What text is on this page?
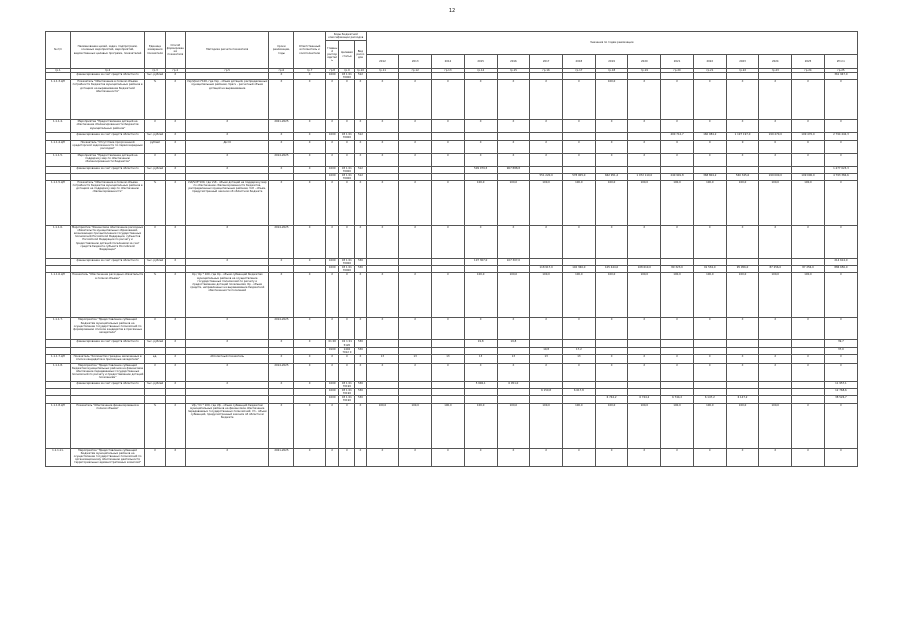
12
№ п/п	Наименование целей, задач, подпрограмм, основных мероприятий, мероприятий, ведомственных целевых программ, показателей	Единица измерения показателя	Способ формирования показателя	Методика расчета показателя	Сроки реализации, годы	Ответственный исполнитель и соисполнители	Коды бюджетной классификации расходов			Значения по годам реализации														
							Главный распорядитель	Целевая статья	Вид расходов															
										2012	2013	2014	2015	2016	2017	2018	2019	2020	2021	2022	2023	2024	2025	Итого
гр.1	гр.2	гр.3	гр.4	гр.5	гр.6	гр.7	гр.8	гр.9	гр.10	гр.11	гр.12	гр.13	гр.14	гр.15	гр.16	гр.17	гр.18	гр.19	гр.20	гр.21	гр.22	гр.23	гр.24	гр.25
	финансирование за счет средств областного	тыс. рублей	Х		Х	Х	1000	03 1 01 70000	512															361 947,0
1.1.1.3.ЦП	Показатель "Обеспечение в полном объеме потребности бюджетов муниципальных районов в дотациях на выравнивание бюджетной обеспеченности"	%	Х	Vзр/Vрасч*100, где Vзр - объем дотаций, распределенных муниципальным районам, Vрасч - расчетный объем дотаций на выравнивание	Х	Х	Х	Х	Х	Х	Х	Х	Х	Х	Х	Х	100,0	Х	Х	Х	Х	Х	Х	Х
1.1.1.4.	Мероприятие "Предоставление дотаций на обеспечение сбалансированности бюджетов муниципальных районов"	Х	Х	Х	2021-2025	Х	Х	Х	Х	Х	Х	Х	Х	Х	Х	Х	Х	Х	Х	Х	Х	Х	Х	Х
	финансирование за счет средств областного	тыс. рублей	Х	Х	Х	Х	1000	03 1 01 70000	512										400 712,7	160 084,2	1 197 197,0	199 470,0	199 470,0	2 794 442,3
1.1.1.4.ЦП	Показатель "Отсутствие просроченной кредиторской задолженности по первоочередным расходам"	рублей	Х	Дк=0	Х	Х	Х	Х	Х	Х	Х	Х	Х	Х	Х	Х	Х	Х	0	0	0	0	0	Х
1.1.1.5.	Мероприятие "Предоставление дотаций на поддержку мер по обеспечению сбалансированности бюджетов"	Х	Х	Х	2014-2025	Х	Х	Х	Х	Х	Х	Х	Х	Х	Х	Х	Х	Х	Х	Х	Х	Х	Х	Х
	финансирование за счет средств областного	тыс. рублей	Х	Х	Х	Х	1000	03 1 01 70000	512				509 079,5	967 888,8										1 477 023,3
							1000	03 1 01 70000	512						551 220,0	578 905,0	662 951,2	1 072 110,0	240 991,8	368 804,2	560 345,6	199 000,0	199 000,0	4 793 384,6
1.1.1.5.ЦП	Показатель "Обеспечение в полном объеме потребности бюджетов муниципальных районов в дотациях на поддержку мер по обеспечению сбалансированности"	%	Х	Vзб/Vсб*100, где Vзб - объем дотаций на поддержку мер по обеспечению сбалансированности бюджетов, распределенных муниципальным районам, Vсб - объем, предусмотренный законом об областном бюджете	Х	Х	Х	Х	Х	Х	Х	Х	100,0	100,0	100,0	100,0	100,0	100,0	100,0	100,0	100,0	100,0	100,0	Х
1.1.1.6.	Мероприятие "Финансовое обеспечение расходных обязательств муниципальных образований, возникающих при выполнении государственных полномочий Российской Федерации, субъектов Российской Федерации по расчету и предоставлению дотаций поселениям за счет средств бюджета субъекта Российской Федерации"	Х	Х	Х	2014-2025	Х	Х	Х	Х	Х	Х	Х	Х	Х	Х	Х	Х	Х	Х	Х	Х	Х	Х	Х
	финансирование за счет средств областного	тыс. рублей	Х	Х	Х	Х	1000	03 1 01 70000	530				107 307,0	107 307,0										214 614,0
							1000	03 1 01 70000	530						118 917,0	102 360,0	105 444,0	108 610,0	89 323,0	91 534,0	95 956,0	87 256,0	87 256,0	886 656,0
1.1.1.6.ЦП	Показатель "Обеспечение расходных обязательств в полном объеме"	%	Х	Ор / Ор * 100, где Ор - объем субвенций бюджетам муниципальных районов на осуществление государственных полномочий по расчету и предоставлению дотаций поселениям; Ор - объем средств, направленных на выравнивание бюджетной обеспеченности поселений	Х	Х	Х	Х	Х	Х	Х	Х	100,0	100,0	100,0	100,0	100,0	100,0	100,0	100,0	100,0	100,0	100,0	Х
1.1.1.7.	Мероприятие "Предоставление субвенций бюджетам муниципальных районов на осуществление государственных полномочий по формированию списков кандидатов в присяжные заседатели"	Х	Х	Х	2014-2025	Х	Х	Х	Х	Х	Х	Х	Х	Х	Х	Х	Х	Х	Х	Х	Х	Х	Х	Х
	финансирование за счет средств областного	тыс. рублей	Х	Х	Х	Х	01 00	Х2 1 01 5120	530				19,8	19,8										39,7
							0100	1402 7012 0	530						19,8	17,2								37,0
1.1.1.7.ЦП	Показатель "Количество граждан, включенных в списки кандидатов в присяжные заседатели"	ед.	Х	Абсолютный показатель	Х	Х	Х	Х	Х	13	13	13	13	13	13	13	Х	Х	Х	Х	Х	Х	Х	Х
1.1.1.8.	Мероприятие "Предоставление субвенций бюджетам муниципальных районов на финансовое обеспечение передаваемых государственных полномочий по расчету и предоставлению дотаций поселениям"	Х	Х	Х	2014-2025	Х	Х	Х	Х	Х	Х	Х	Х	Х	Х	Х	Х	Х	Х	Х	Х	Х	Х	Х
	финансирование за счет средств областного	тыс. рублей	Х	Х	Х	Х	1000	03 1 01 70190	530				5 906,1	6 051,0										11 957,1
							1000	03 1 01 70190	530						6 150,8	6 617,8								12 768,6
							1000	03 1 01 70190	530								6 744,2	6 744,2	6 744,2	6 147,2	6 147,2			38 526,7
1.1.1.8.ЦП	Показатель "Обеспечение финансирования в полном объеме"	%	Х	Vф / Vп * 100, где Vф - объем субвенций бюджетам муниципальных районов на финансовое обеспечение передаваемых государственных полномочий; Vп - объем субвенций, предусмотренный законом об областном бюджете	Х	Х	Х	Х	Х	100,0	100,0	100,0	100,0	100,0	100,0	100,0	100,0	100,0	100,0	100,0	100,0	100,0	Х	Х
1.1.1.11.	Мероприятие "Предоставление субвенций бюджетам муниципальных районов на осуществление государственных полномочий по организационному обеспечению деятельности территориальных административных комиссий"	Х	Х	Х	2021-2025	Х	Х	Х	Х	Х	Х	Х	Х	Х	Х	Х	Х	Х	Х	Х	Х	Х	Х	Х
